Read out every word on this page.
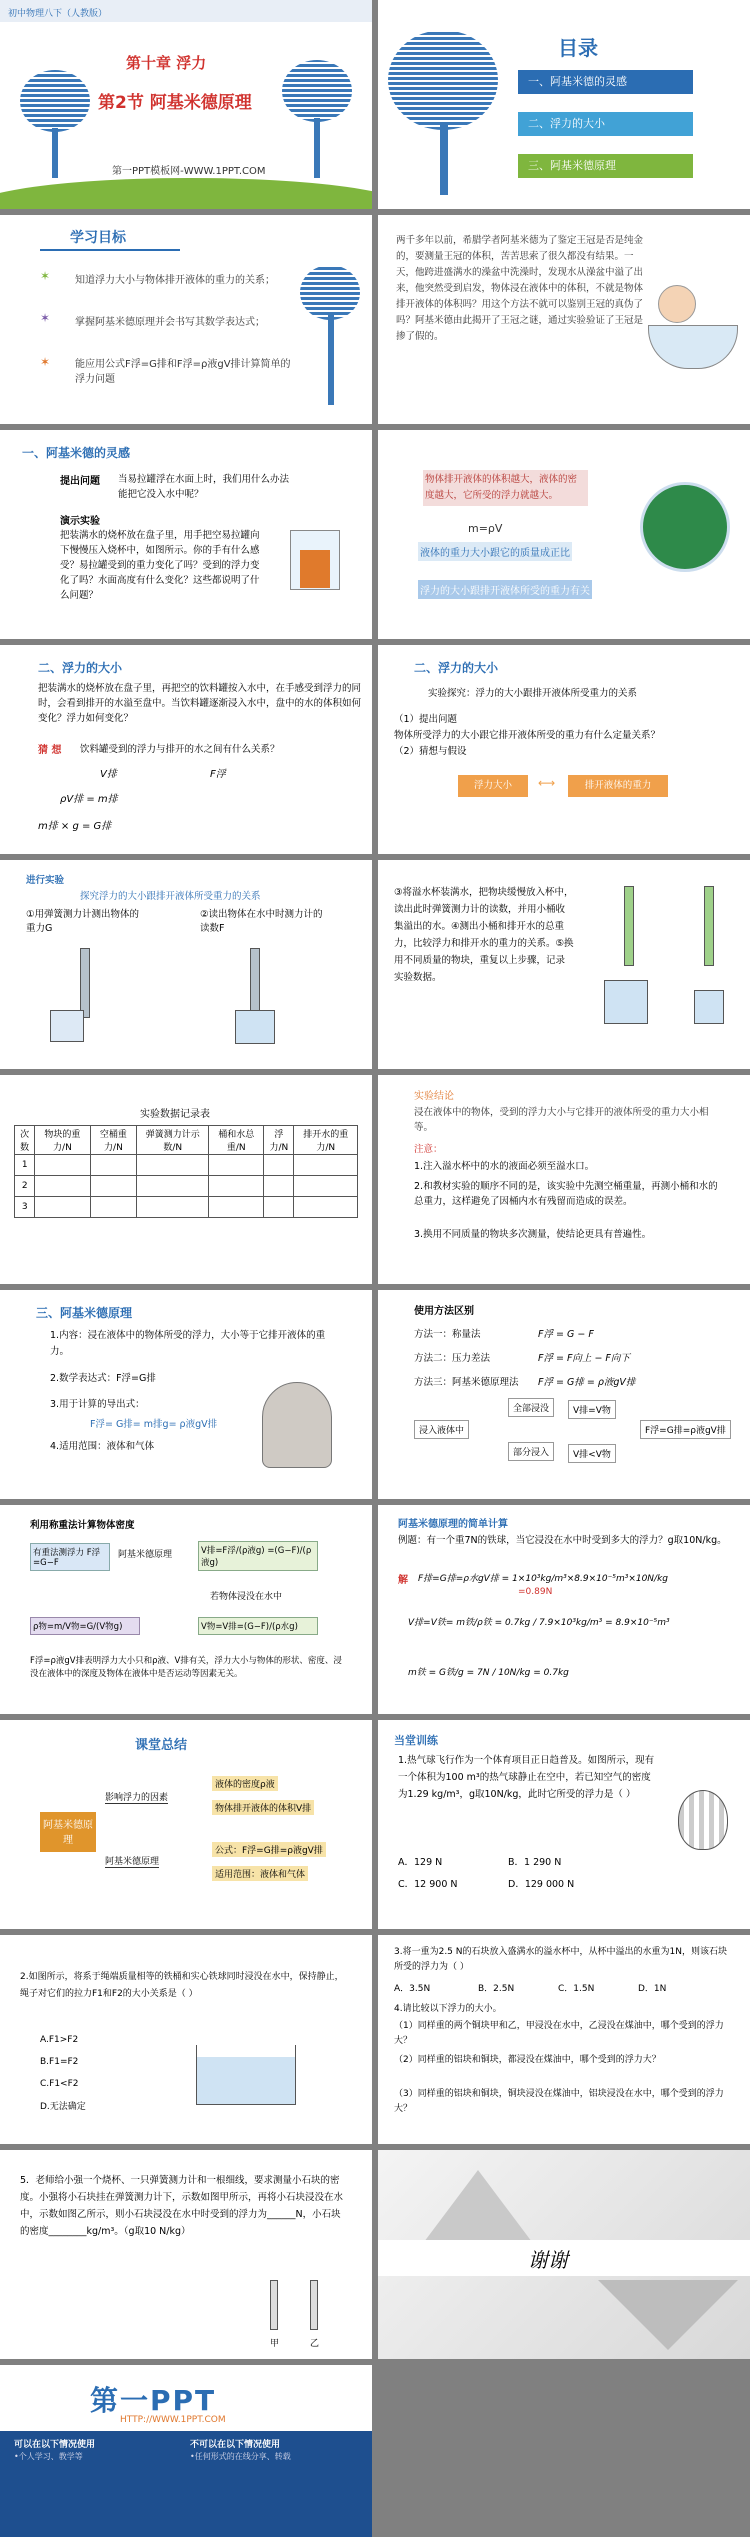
初中物理八下（人教版）
第十章 浮力
第2节 阿基米德原理
第一PPT模板网-WWW.1PPT.COM
目录
一、阿基米德的灵感
二、浮力的大小
三、阿基米德原理
学习目标
✶ 知道浮力大小与物体排开液体的重力的关系；
✶ 掌握阿基米德原理并会书写其数学表达式；
✶ 能应用公式F浮=G排和F浮=ρ液gV排计算简单的浮力问题
两千多年以前，希腊学者阿基米德为了鉴定王冠是否是纯金的，要测量王冠的体积，苦苦思索了很久都没有结果。一天，他跨进盛满水的澡盆中洗澡时，发现水从澡盆中溢了出来，他突然受到启发，物体浸在液体中的体积，不就是物体排开液体的体积吗？用这个方法不就可以鉴别王冠的真伪了吗？阿基米德由此揭开了王冠之谜，通过实验验证了王冠是掺了假的。
一、阿基米德的灵感
提出问题 当易拉罐浮在水面上时，我们用什么办法能把它没入水中呢？
演示实验
把装满水的烧杯放在盘子里，用手把空易拉罐向下慢慢压入烧杯中，如图所示。你的手有什么感受？易拉罐受到的重力变化了吗？受到的浮力变化了吗？水面高度有什么变化？这些都说明了什么问题？
物体排开液体的体积越大，液体的密度越大，它所受的浮力就越大。
m=ρV
液体的重力大小跟它的质量成正比
浮力的大小跟排开液体所受的重力有关
二、浮力的大小
把装满水的烧杯放在盘子里，再把空的饮料罐按入水中，在手感受到浮力的同时，会看到排开的水溢至盘中。当饮料罐逐渐浸入水中，盘中的水的体积如何变化？浮力如何变化？
猜 想 饮料罐受到的浮力与排开的水之间有什么关系？
V排	F浮
ρV排 = m排
m排 × g = G排
二、浮力的大小
实验探究：浮力的大小跟排开液体所受重力的关系
（1）提出问题
物体所受浮力的大小跟它排开液体所受的重力有什么定量关系？
（2）猜想与假设
浮力大小	⟷	排开液体的重力
进行实验
探究浮力的大小跟排开液体所受重力的关系
①用弹簧测力计测出物体的重力G
②读出物体在水中时测力计的读数F
③将溢水杯装满水，把物块缓慢放入杯中，读出此时弹簧测力计的读数，并用小桶收集溢出的水。④测出小桶和排开水的总重力，比较浮力和排开水的重力的关系。⑤换用不同质量的物块，重复以上步骤，记录实验数据。
实验数据记录表
次数	物块的重力/N	空桶重力/N	弹簧测力计示数/N	桶和水总重/N	浮力/N	排开水的重力/N
1						
2						
3						
实验结论
浸在液体中的物体，受到的浮力大小与它排开的液体所受的重力大小相等。
注意：
1.注入溢水杯中的水的液面必须至溢水口。
2.和教材实验的顺序不同的是，该实验中先测空桶重量，再测小桶和水的总重力，这样避免了因桶内水有残留而造成的误差。
3.换用不同质量的物块多次测量，使结论更具有普遍性。
三、阿基米德原理
1.内容：浸在液体中的物体所受的浮力，大小等于它排开液体的重力。
2.数学表达式：F浮=G排
3.用于计算的导出式：
F浮= G排= m排g= ρ液gV排
4.适用范围：液体和气体
使用方法区别
方法一：称量法	F浮 = G − F
方法二：压力差法	F浮 = F向上 − F向下
方法三：阿基米德原理法 F浮 = G排 = ρ液gV排
浸入液体中
全部浸没
部分浸入
V排=V物
V排<V物
F浮=G排=ρ液gV排
利用称重法计算物体密度
有重法测浮力 F浮=G−F
阿基米德原理	V排=F浮/(ρ液g) =(G−F)/(ρ液g)
若物体浸没在水中
ρ物=m/V物=G/(V物g)	V物=V排=(G−F)/(ρ水g)
F浮=ρ液gV排表明浮力大小只和ρ液、V排有关，浮力大小与物体的形状、密度、浸没在液体中的深度及物体在液体中是否运动等因素无关。
阿基米德原理的简单计算
例题：有一个重7N的铁球，当它浸没在水中时受到多大的浮力？g取10N/kg。
解 F排=G排=ρ水gV排 = 1×10³kg/m³×8.9×10⁻⁵m³×10N/kg
=0.89N
V排=V铁= m铁/ρ铁 = 0.7kg / 7.9×10³kg/m³ = 8.9×10⁻⁵m³
m铁 = G铁/g = 7N / 10N/kg = 0.7kg
课堂总结
阿基米德原理
影响浮力的因素
阿基米德原理
液体的密度ρ液
物体排开液体的体积V排
公式：F浮=G排=ρ液gV排
适用范围：液体和气体
当堂训练
1.热气球飞行作为一个体育项目正日趋普及。如图所示，现有一个体积为100 m³的热气球静止在空中，若已知空气的密度为1.29 kg/m³，g取10N/kg，此时它所受的浮力是（ ）
A．129 N	B．1 290 N
C．12 900 N	D．129 000 N
2.如图所示，将系于绳端质量相等的铁桶和实心铁球同时浸没在水中，保持静止，绳子对它们的拉力F1和F2的大小关系是（ ）
A.F1>F2
B.F1=F2
C.F1<F2
D.无法确定
3.将一重为2.5 N的石块放入盛满水的溢水杯中，从杯中溢出的水重为1N，则该石块所受的浮力为（ ）
A．3.5N	B．2.5N	C．1.5N	D．1N
4.请比较以下浮力的大小。
（1）同样重的两个铜块甲和乙，甲浸没在水中，乙浸没在煤油中，哪个受到的浮力大？
（2）同样重的铝块和铜块，都浸没在煤油中，哪个受到的浮力大？
（3）同样重的铝块和铜块，铜块浸没在煤油中，铝块浸没在水中，哪个受到的浮力大？
5．老师给小强一个烧杯、一只弹簧测力计和一根细线，要求测量小石块的密度。小强将小石块挂在弹簧测力计下，示数如图甲所示，再将小石块浸没在水中，示数如图乙所示，则小石块浸没在水中时受到的浮力为______N，小石块的密度________kg/m³。（g取10 N/kg）
甲	乙
谢谢
第一PPT
HTTP://WWW.1PPT.COM
可以在以下情况使用
•个人学习、教学等
不可以在以下情况使用
•任何形式的在线分享、转载
